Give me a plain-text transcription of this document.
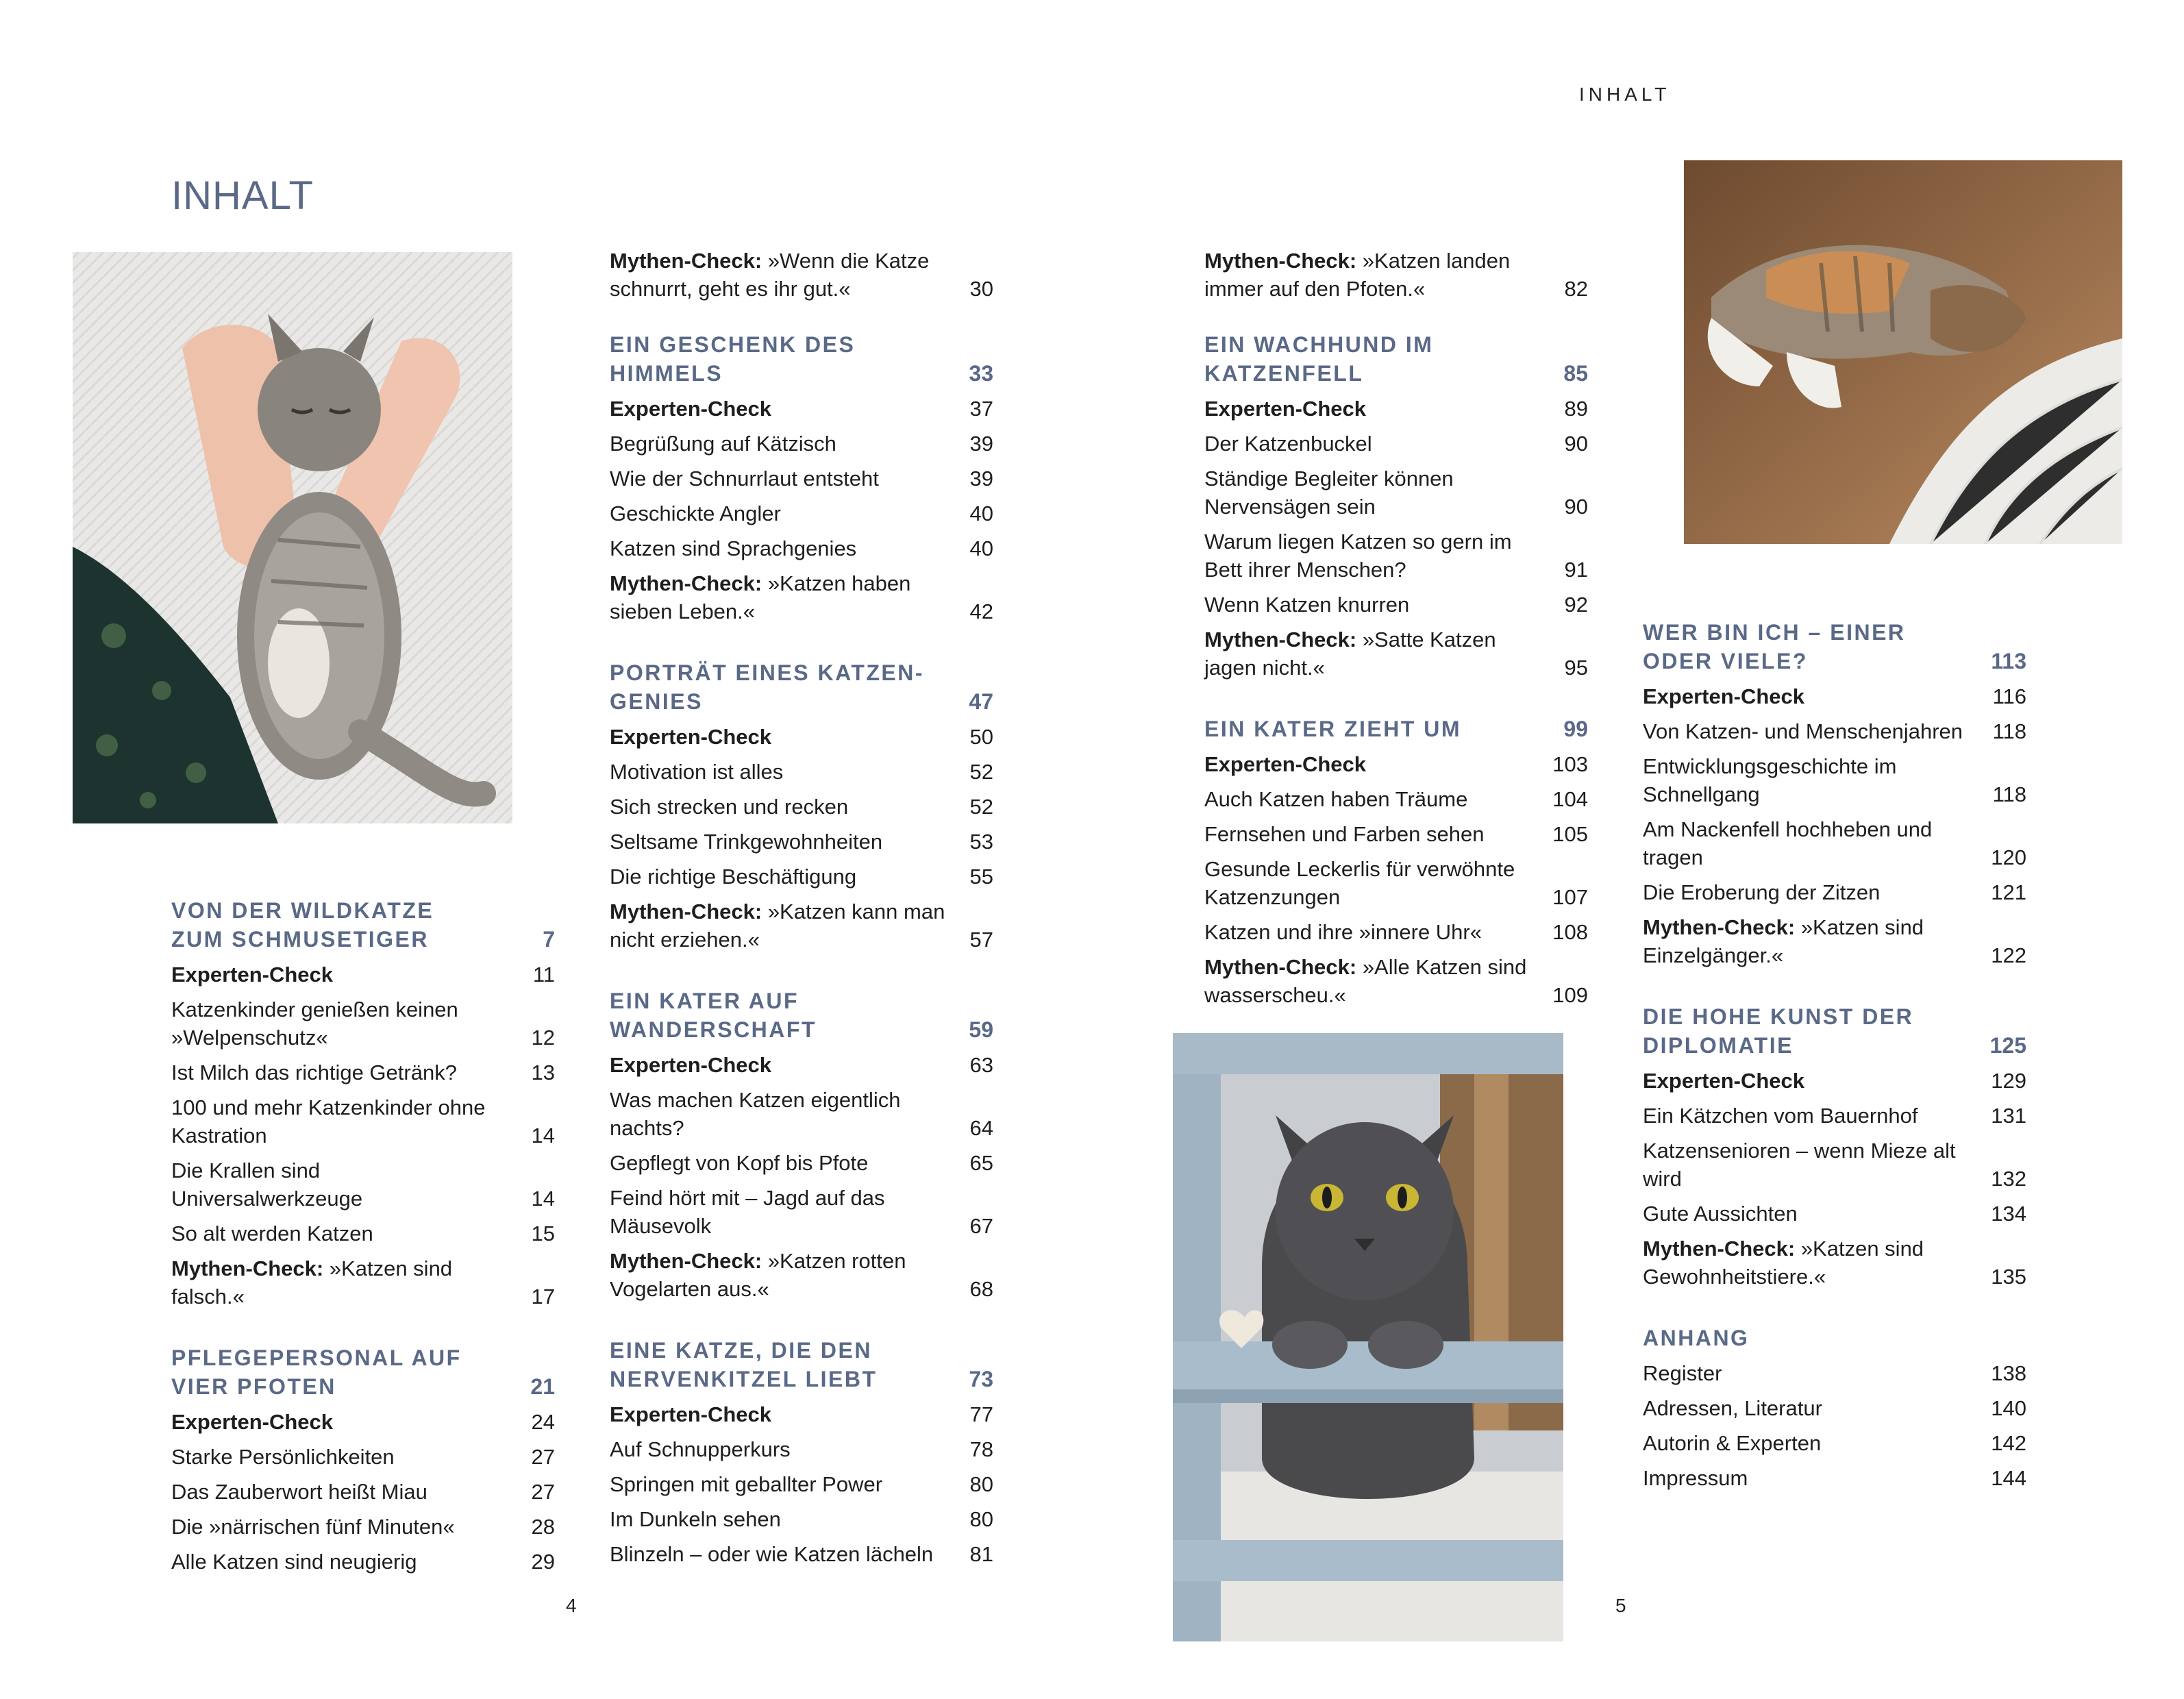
INHALT
INHALT
4	5
VON DER WILDKATZE ZUM SCHMUSETIGER	7
Experten-Check	11
Katzenkinder genießen keinen »Welpenschutz«	12
Ist Milch das richtige Getränk?	13
100 und mehr Katzenkinder ohne Kastration	14
Die Krallen sind Universalwerkzeuge	14
So alt werden Katzen	15
Mythen-Check: »Katzen sind falsch.«	17
PFLEGEPERSONAL AUF VIER PFOTEN	21
Experten-Check	24
Starke Persönlichkeiten	27
Das Zauberwort heißt Miau	27
Die »närrischen fünf Minuten«	28
Alle Katzen sind neugierig	29
Mythen-Check: »Wenn die Katze schnurrt, geht es ihr gut.«	30
EIN GESCHENK DES HIMMELS	33
Experten-Check	37
Begrüßung auf Kätzisch	39
Wie der Schnurrlaut entsteht	39
Geschickte Angler	40
Katzen sind Sprachgenies	40
Mythen-Check: »Katzen haben sieben Leben.«	42
PORTRÄT EINES KATZEN-GENIES	47
Experten-Check	50
Motivation ist alles	52
Sich strecken und recken	52
Seltsame Trinkgewohnheiten	53
Die richtige Beschäftigung	55
Mythen-Check: »Katzen kann man nicht erziehen.«	57
EIN KATER AUF WANDERSCHAFT	59
Experten-Check	63
Was machen Katzen eigentlich nachts?	64
Gepflegt von Kopf bis Pfote	65
Feind hört mit – Jagd auf das Mäusevolk	67
Mythen-Check: »Katzen rotten Vogelarten aus.«	68
EINE KATZE, DIE DEN NERVENKITZEL LIEBT	73
Experten-Check	77
Auf Schnupperkurs	78
Springen mit geballter Power	80
Im Dunkeln sehen	80
Blinzeln – oder wie Katzen lächeln	81
Mythen-Check: »Katzen landen immer auf den Pfoten.«	82
EIN WACHHUND IM KATZENFELL	85
Experten-Check	89
Der Katzenbuckel	90
Ständige Begleiter können Nervensägen sein	90
Warum liegen Katzen so gern im Bett ihrer Menschen?	91
Wenn Katzen knurren	92
Mythen-Check: »Satte Katzen jagen nicht.«	95
EIN KATER ZIEHT UM	99
Experten-Check	103
Auch Katzen haben Träume	104
Fernsehen und Farben sehen	105
Gesunde Leckerlis für verwöhnte Katzenzungen	107
Katzen und ihre »innere Uhr«	108
Mythen-Check: »Alle Katzen sind wasserscheu.«	109
WER BIN ICH – EINER ODER VIELE?	113
Experten-Check	116
Von Katzen- und Menschenjahren	118
Entwicklungsgeschichte im Schnellgang	118
Am Nackenfell hochheben und tragen	120
Die Eroberung der Zitzen	121
Mythen-Check: »Katzen sind Einzelgänger.«	122
DIE HOHE KUNST DER DIPLOMATIE	125
Experten-Check	129
Ein Kätzchen vom Bauernhof	131
Katzensenioren – wenn Mieze alt wird	132
Gute Aussichten	134
Mythen-Check: »Katzen sind Gewohnheitstiere.«	135
ANHANG
Register	138
Adressen, Literatur	140
Autorin & Experten	142
Impressum	144
